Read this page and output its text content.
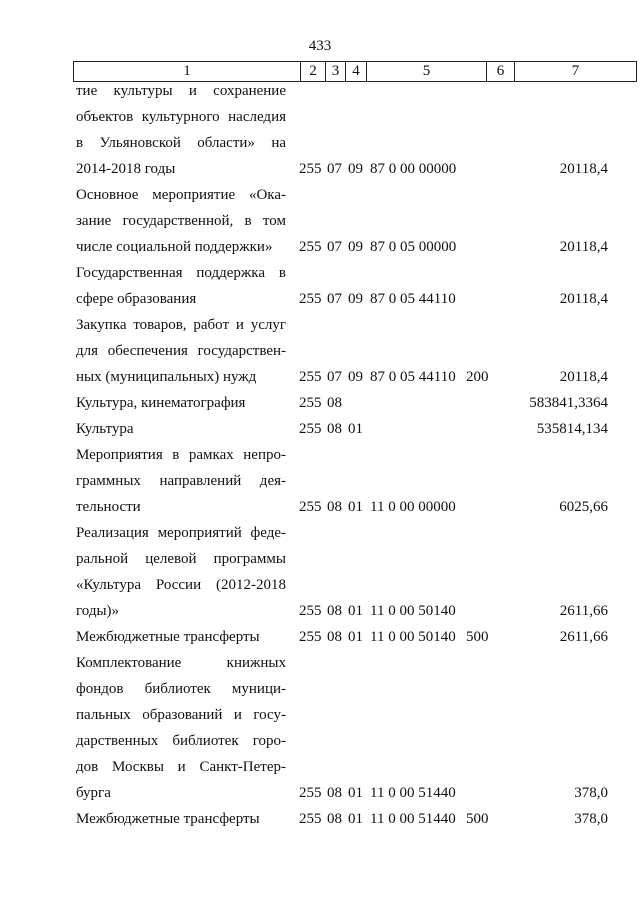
433
1	2	3	4	5	6	7
тие культуры и сохранение
объектов культурного наследия
в Ульяновской области» на
2014-2018 годы	255 07 09 87 0 00 00000	20118,4
Основное мероприятие «Ока-
зание государственной, в том
числе социальной поддержки»	255 07 09 87 0 05 00000	20118,4
Государственная поддержка в
сфере образования	255 07 09 87 0 05 44110	20118,4
Закупка товаров, работ и услуг
для обеспечения государствен-
ных (муниципальных) нужд	255 07 09 87 0 05 44110 200	20118,4
Культура, кинематография	255 08	583841,3364
Культура	255 08 01	535814,134
Мероприятия в рамках непро-
граммных направлений дея-
тельности	255 08 01 11 0 00 00000	6025,66
Реализация мероприятий феде-
ральной целевой программы
«Культура России (2012-2018
годы)»	255 08 01 11 0 00 50140	2611,66
Межбюджетные трансферты	255 08 01 11 0 00 50140 500	2611,66
Комплектование книжных
фондов библиотек муници-
пальных образований и госу-
дарственных библиотек горо-
дов Москвы и Санкт-Петер-
бурга	255 08 01 11 0 00 51440	378,0
Межбюджетные трансферты	255 08 01 11 0 00 51440 500	378,0
